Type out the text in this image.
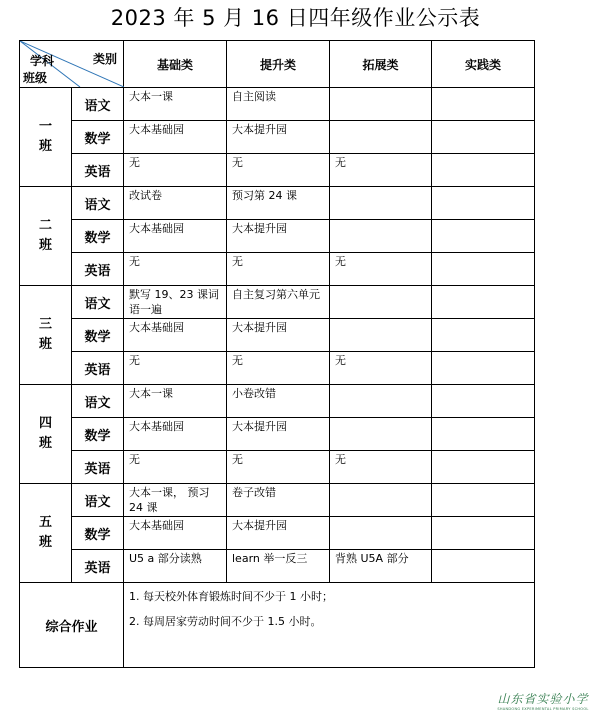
2023 年 5 月 16 日四年级作业公示表
类别
学科
班级		基础类	提升类	拓展类	实践类
一
班	语文	大本一课	自主阅读		
	数学	大本基础园	大本提升园		
	英语	无	无	无	
二
班	语文	改试卷	预习第 24 课		
	数学	大本基础园	大本提升园		
	英语	无	无	无	
三
班	语文	默写 19、23 课词语一遍	自主复习第六单元		
	数学	大本基础园	大本提升园		
	英语	无	无	无	
四
班	语文	大本一课	小卷改错		
	数学	大本基础园	大本提升园		
	英语	无	无	无	
五
班	语文	大本一课， 预习 24 课	卷子改错		
	数学	大本基础园	大本提升园		
	英语	U5 a 部分读熟	learn 举一反三	背熟 U5A 部分	
综合作业		1. 每天校外体育锻炼时间不少于 1 小时；
2. 每周居家劳动时间不少于 1.5 小时。			
山东省实验小学
SHANDONG EXPERIMENTAL PRIMARY SCHOOL
